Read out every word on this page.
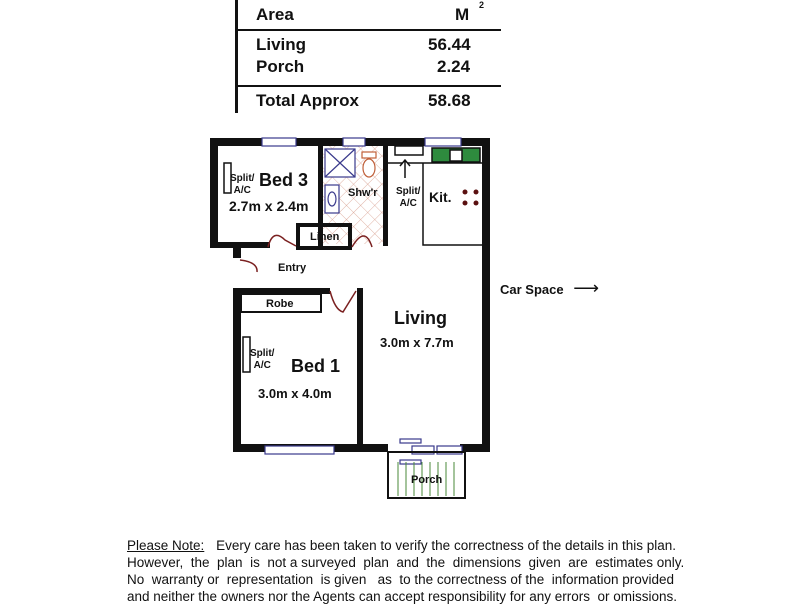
Area	M 2
Living	56.44
Porch	2.24
Total Approx	58.68
Split/
A/C
Bed 3
2.7m x 2.4m
Shw'r Split/
A/C Kit.
Linen
Entry
Robe
Split/
A/C Bed 1
3.0m x 4.0m
Living
3.0m x 7.7m
Porch
Car Space ⟶
Please Note: Every care has been taken to verify the correctness of the details in this plan.
However,  the  plan  is  not a surveyed  plan  and  the  dimensions  given  are  estimates only.
No  warranty or  representation  is given   as  to the correctness of the  information provided
and neither the owners nor the Agents can accept responsibility for any errors  or omissions.
